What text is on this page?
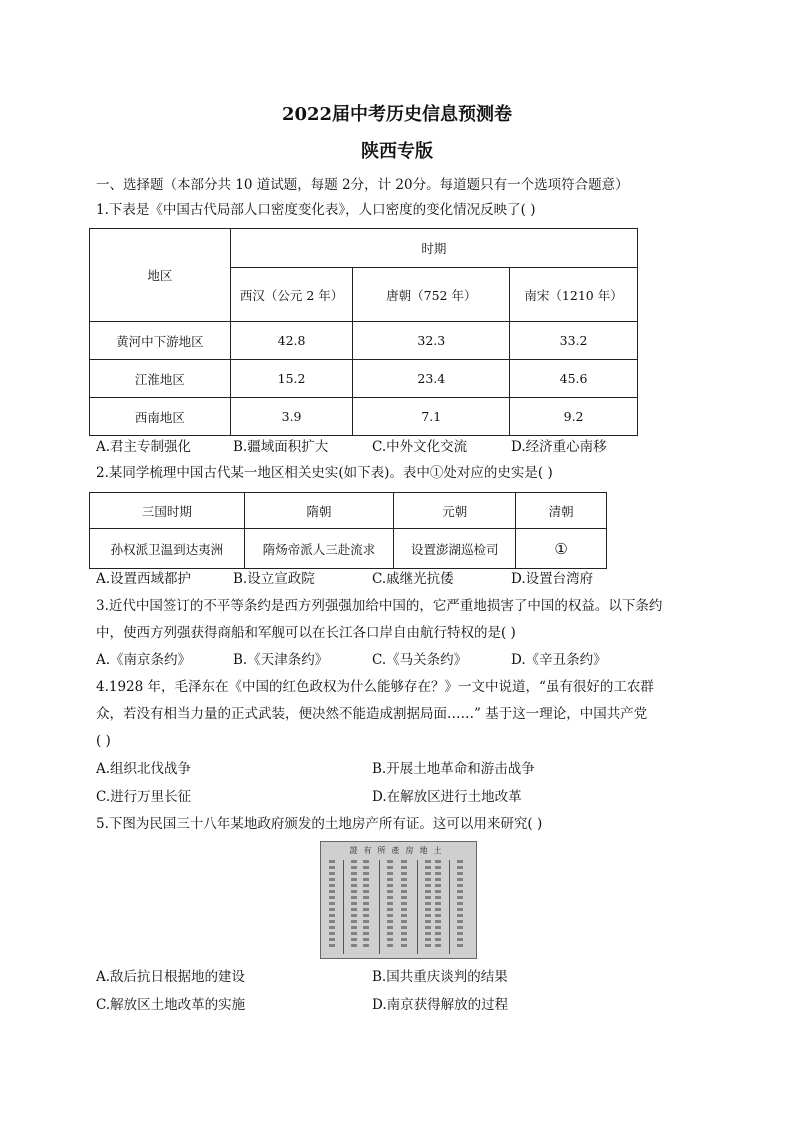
2022届中考历史信息预测卷
陕西专版
一、选择题（本部分共 10 道试题，每题 2分，计 20分。每道题只有一个选项符合题意）
1.下表是《中国古代局部人口密度变化表》，人口密度的变化情况反映了( )
地区	时期		
	西汉（公元 2 年）	唐朝（752 年）	南宋（1210 年）
黄河中下游地区	42.8	32.3	33.2
江淮地区	15.2	23.4	45.6
西南地区	3.9	7.1	9.2
A.君主专制强化	B.疆域面积扩大	C.中外文化交流	D.经济重心南移
2.某同学梳理中国古代某一地区相关史实(如下表)。表中①处对应的史实是( )
三国时期	隋朝	元朝	清朝
孙权派卫温到达夷洲	隋炀帝派人三赴流求	设置澎湖巡检司	①
A.设置西域都护	B.设立宣政院	C.戚继光抗倭	D.设置台湾府
3.近代中国签订的不平等条约是西方列强强加给中国的，它严重地损害了中国的权益。以下条约
中，使西方列强获得商船和军舰可以在长江各口岸自由航行特权的是( )
A.《南京条约》	B.《天津条约》	C.《马关条约》	D.《辛丑条约》
4.1928 年，毛泽东在《中国的红色政权为什么能够存在？》一文中说道，“虽有很好的工农群
众，若没有相当力量的正式武装，便决然不能造成割据局面……” 基于这一理论，中国共产党
( )
A.组织北伐战争	B.开展土地革命和游击战争
C.进行万里长征	D.在解放区进行土地改革
5.下图为民国三十八年某地政府颁发的土地房产所有证。这可以用来研究( )
證有所產房地土
A.敌后抗日根据地的建设	B.国共重庆谈判的结果
C.解放区土地改革的实施	D.南京获得解放的过程
